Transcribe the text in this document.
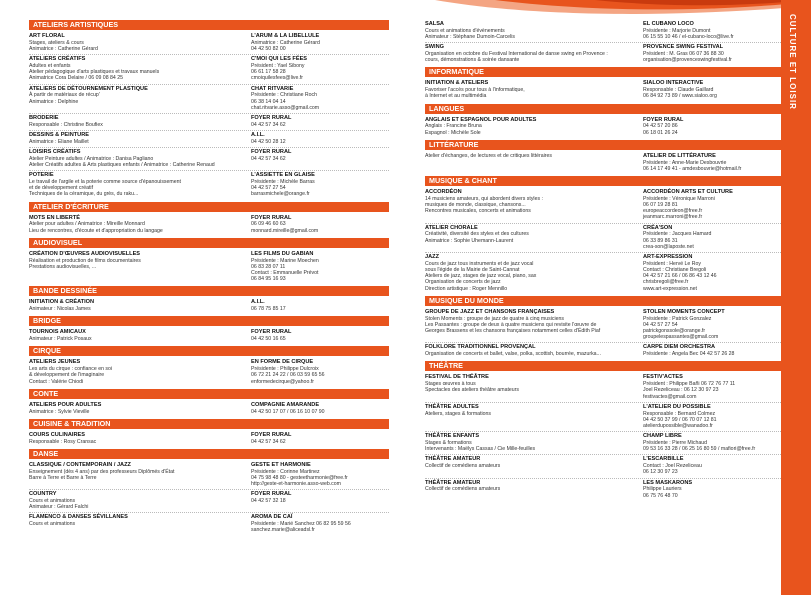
ATELIERS ARTISTIQUES
ART FLORAL
Stages, ateliers & cours
Animatrice : Catherine Gérard
L'ARUM & LA LIBELLULE
Animatrice : Catherine Gérard
04 42 50 82 00
ATELIERS CRÉATIFS
Adultes et enfants
Atelier pédagogique d'arts plastiques et travaux manuels
Animatrice Cora Delaire / 06 09 08 84 25
C'MOI QUI LES FÉES
Président : Yael Sibony
06 61 17 58 28
cmoiquilesfees@live.fr
ATELIERS DE DÉTOURNEMENT PLASTIQUE
À partir de matériaux de récup'
Animatrice : Delphine
CHAT RITVARIE
Présidente : Christiane Roch
06 38 14 04 14
chat.ritvarie.asso@gmail.com
BRODERIE
Responsable : Christine Boufiex
FOYER RURAL
04 42 57 34 62
DESSINS & PEINTURE
Animatrice : Eliane Maillet
A.I.L.
04 42 50 28 12
LOISIRS CRÉATIFS
Atelier Peinture adultes / Animatrice : Danisa Pagliano
Atelier Créatifs adultes & Arts plastiques enfants / Animatrice : Catherine Renaud
FOYER RURAL
04 42 57 34 62
POTERIE
Le travail de l'argile et la poterie comme source d'épanouissement
et de développement créatif
Techniques de la céramique, du grès, du raku...
L'ASSIETTE EN GLAISE
Présidente : Michèle Barras
04 42 57 27 54
barrasmichele@orange.fr
ATELIER D'ÉCRITURE
MOTS EN LIBERTÉ
Atelier pour adultes / Animatrice : Mireille Monnard
Lieu de rencontres, d'écoute et d'appropriation du langage
FOYER RURAL
06 09 46 60 63
monnard.mireille@gmail.com
AUDIOVISUEL
CRÉATION D'ŒUVRES AUDIOVISUELLES
Réalisation et production de films documentaires
Prestations audiovisuelles, ...
LES FILMS DU GABIAN
Présidente : Marine Moechen
06 83 28 07 11
Contact : Emmanuelle Prévot
06 84 95 16 93
BANDE DESSINÉE
INITIATION & CRÉATION
Animateur : Nicolas James
A.I.L.
06 78 75 85 17
BRIDGE
TOURNOIS AMICAUX
Animateur : Patrick Posaux
FOYER RURAL
04 42 50 16 65
CIRQUE
ATELIERS JEUNES
Les arts du cirque : confiance en soi
& développement de l'imaginaire
Contact : Valérie Chiodi
EN FORME DE CIRQUE
Présidente : Philippe Dulcroix
06 72 21 24 22 / 06 03 59 65 56
enformedecirque@yahoo.fr
CONTE
ATELIERS POUR ADULTES
Animatrice : Sylvie Vieville
COMPAGNIE AMARANDE
04 42 50 17 07 / 06 16 10 07 90
CUISINE & TRADITION
COURS CULINAIRES
Responsable : Rosy Cransac
FOYER RURAL
04 42 57 34 62
DANSE
CLASSIQUE / CONTEMPORAIN / JAZZ
Enseignement (dès 4 ans) par des professeurs Diplômés d'État
Barre à Terre et Barre à Terre
GESTE ET HARMONIE
Présidente : Corinne Martinez
04 75 98 48 80 - gesteetharmonie@free.fr
http://geste-et-harmonie.asso-web.com
COUNTRY
Cours et animations
Animateur : Gérard Falchi
FOYER RURAL
04 42 57 32 18
FLAMENCO & DANSES SÉVILLANES
Cours et animations
AROMA DE CAÏ
Présidente : Marié Sanchez 06 82 95 59 56
sanchez.marie@aliceadsl.fr
SALSA
Cours et animations d'évènements
Animateur : Stéphane Dumoin-Carcelis
EL CUBANO LOCO
Présidente : Marjorie Dumont
06 15 55 10 46 / el-cubano-loco@live.fr
SWING
Organisation en octobre du Festival International de danse swing en Provence :
cours, démonstrations & soirée dansante
PROVENCE SWING FESTIVAL
Président : M. Gras 06 07 36 88 30
organisation@provenceswingfestival.fr
INFORMATIQUE
INITIATION & ATELIERS
Favoriser l'accès pour tous à l'informatique,
à Internet et au multimédia
SIALOO INTERACTIVE
Responsable : Claude Gaillard
06 84 92 73 89 / www.sialoo.org
LANGUES
ANGLAIS ET ESPAGNOL POUR ADULTES
Anglais : Francine Bruna
Espagnol : Michèle Sole
FOYER RURAL
04 42 57 20 86
06 18 01 26 24
LITTÉRATURE
Atelier d'échanges, de lectures et de critiques littéraires	ATELIER DE LITTÉRATURE
Présidente : Anne-Marie Desbouvrie
06 14 17 49 41 - amdesbouvrie@hotmail.fr
MUSIQUE & CHANT
ACCORDÉON
14 musiciens amateurs, qui abordent divers styles :
musiques de monde, classique, chansons...
Rencontres musicales, concerts et animations
ACCORDÉON ARTS ET CULTURE
Présidente : Véronique Marroni
06 07 19 28 81
europeaccordeon@free.fr
jeanmarc.marroni@free.fr
ATELIER CHORALE
Créativité, diversité des styles et des cultures
Animatrice : Sophie Uhemann-Laurent
CRÉA'SON
Présidente : Jacques Hamard
06 33 89 86 31
crea-son@laposte.net
JAZZ
Cours de jazz tous instruments et de jazz vocal
sous l'égide de la Mairie de Saint-Cannat
Ateliers de jazz, stages de jazz vocal, piano, sax
Organisation de concerts de jazz
Direction artistique : Roger Mennillo
ART-EXPRESSION
Président : Hervé Le Roy
Contact : Christiane Bregoli
04 42 57 21 66 / 06 86 43 12 46
chrisbregoli@free.fr
www.art-expression.net
MUSIQUE DU MONDE
GROUPE DE JAZZ ET CHANSONS FRANÇAISES
Stolen Moments : groupe de jazz de quatre à cinq musiciens
Les Passantes : groupe de deux à quatre musiciens qui revisite l'œuvre de
Georges Brassens et les chansons françaises notamment celles d'Édith Piaf
STOLEN MOMENTS CONCEPT
Présidente : Patrick Gonzalez
04 42 57 27 54
patrickgonssole@orange.fr
groupelespassantes@gmail.com
FOLKLORE TRADITIONNEL PROVENÇAL
Organisation de concerts et ballet, valse, polka, scottish, bourrée, mazurka...
CARPE DIEM ORCHESTRA
Présidente : Angela Bec 04 42 57 26 28
THÉÂTRE
FESTIVAL DE THÉÂTRE
Stages œuvres à tous
Spectacles des ateliers théâtre amateurs
FESTIV'ACTES
Président : Philippe Bañi 06 72 76 77 11
Joel Rezeliceau : 06 12 30 97 23
festivactes@gmail.com
THÉÂTRE ADULTES
Ateliers, stages & formations
L'ATELIER DU POSSIBLE
Responsable : Bernard Colmez
04 42 50 37 99 / 06 70 07 12 81
atelierdupossible@wanadoo.fr
THÉÂTRE ENFANTS
Stages & formations
Intervenants : Maëlys Cassas / Cie Mille-feuilles
CHAMP LIBRE
Présidente : Pierre Michaud
09 53 16 33 28 / 06 25 16 80 59 / mafiori@free.fr
THÉÂTRE AMATEUR
Collectif de comédiens amateurs
L'ESCARBILLE
Contact : Joel Rezeliceau
06 12 30 97 23
THÉÂTRE AMATEUR
Collectif de comédiens amateurs
LES MASKARONS
Philippe Lauriers
06 75 76 48 70
CULTURE ET LOISIR
